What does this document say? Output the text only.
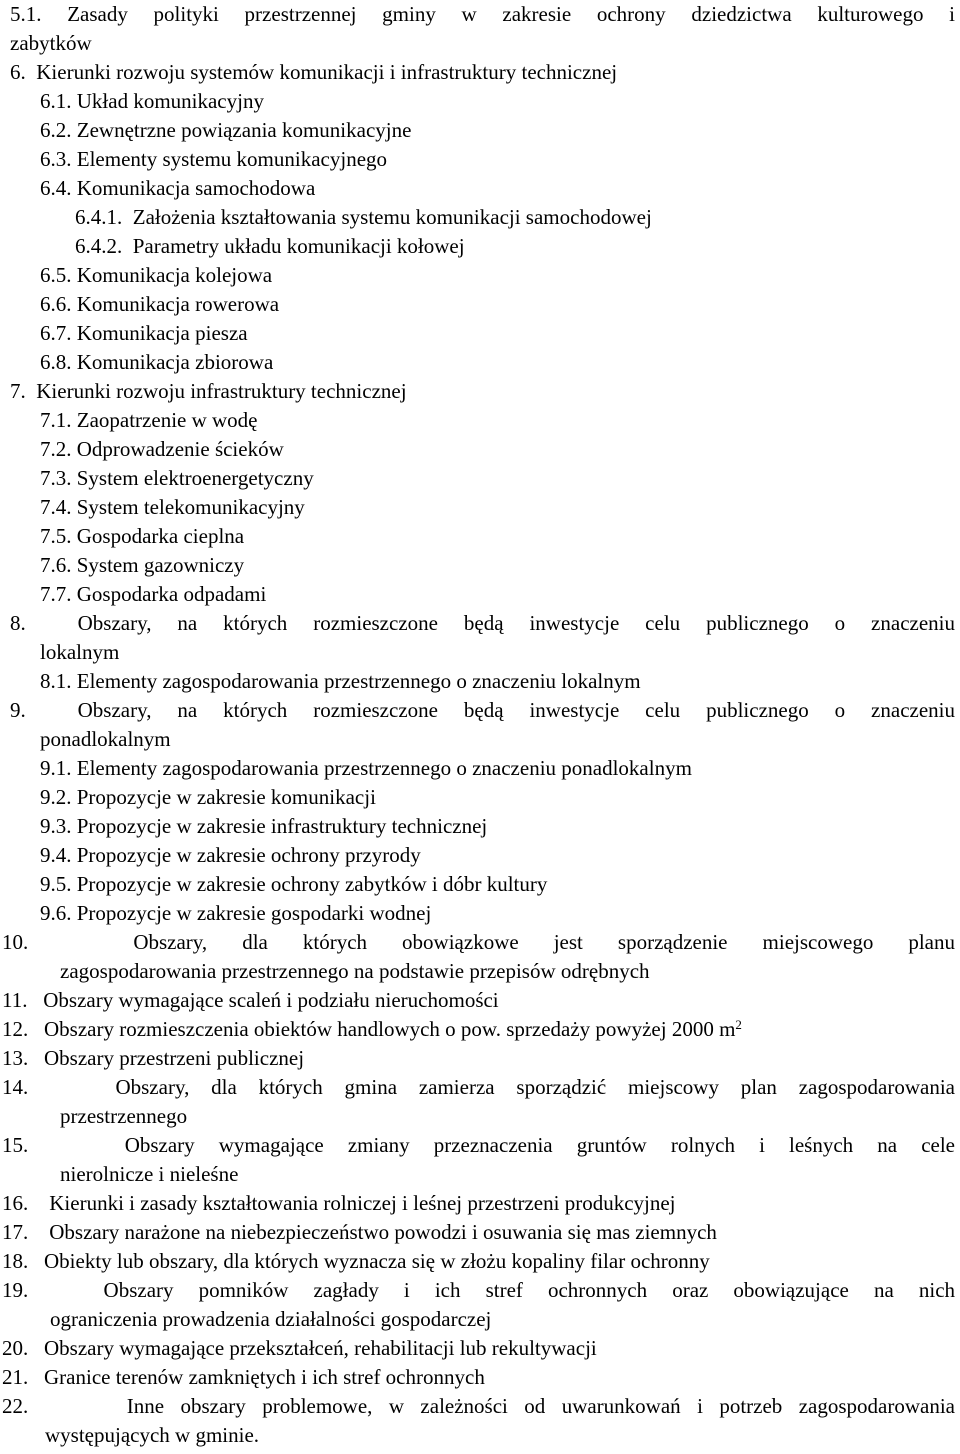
5.1. Zasady polityki przestrzennej gminy w zakresie ochrony dziedzictwa kulturowego i
zabytków
6.  Kierunki rozwoju systemów komunikacji i infrastruktury technicznej
6.1. Układ komunikacyjny
6.2. Zewnętrzne powiązania komunikacyjne
6.3. Elementy systemu komunikacyjnego
6.4. Komunikacja samochodowa
6.4.1.  Założenia kształtowania systemu komunikacji samochodowej
6.4.2.  Parametry układu komunikacji kołowej
6.5. Komunikacja kolejowa
6.6. Komunikacja rowerowa
6.7. Komunikacja piesza
6.8. Komunikacja zbiorowa
7.  Kierunki rozwoju infrastruktury technicznej
7.1. Zaopatrzenie w wodę
7.2. Odprowadzenie ścieków
7.3. System elektroenergetyczny
7.4. System telekomunikacyjny
7.5. Gospodarka cieplna
7.6. System gazowniczy
7.7. Gospodarka odpadami
8.  Obszary, na których rozmieszczone będą inwestycje celu publicznego o znaczeniu
lokalnym
8.1. Elementy zagospodarowania przestrzennego o znaczeniu lokalnym
9.  Obszary, na których rozmieszczone będą inwestycje celu publicznego o znaczeniu
ponadlokalnym
9.1. Elementy zagospodarowania przestrzennego o znaczeniu ponadlokalnym
9.2. Propozycje w zakresie komunikacji
9.3. Propozycje w zakresie infrastruktury technicznej
9.4. Propozycje w zakresie ochrony przyrody
9.5. Propozycje w zakresie ochrony zabytków i dóbr kultury
9.6. Propozycje w zakresie gospodarki wodnej
10.   Obszary, dla których obowiązkowe jest sporządzenie miejscowego planu
zagospodarowania przestrzennego na podstawie przepisów odrębnych
11.   Obszary wymagające scaleń i podziału nieruchomości
12.   Obszary rozmieszczenia obiektów handlowych o pow. sprzedaży powyżej 2000 $m^2$
13.   Obszary przestrzeni publicznej
14.    Obszary, dla których gmina zamierza sporządzić miejscowy plan zagospodarowania
przestrzennego
15.    Obszary wymagające zmiany przeznaczenia gruntów rolnych i leśnych na cele
nierolnicze i nieleśne
16.    Kierunki i zasady kształtowania rolniczej i leśnej przestrzeni produkcyjnej
17.    Obszary narażone na niebezpieczeństwo powodzi i osuwania się mas ziemnych
18.   Obiekty lub obszary, dla których wyznacza się w złożu kopaliny filar ochronny
19.   Obszary pomników zagłady i ich stref ochronnych oraz obowiązujące na nich
ograniczenia prowadzenia działalności gospodarczej
20.   Obszary wymagające przekształceń, rehabilitacji lub rekultywacji
21.   Granice terenów zamkniętych i ich stref ochronnych
22.      Inne obszary problemowe, w zależności od uwarunkowań i potrzeb zagospodarowania
występujących w gminie.
